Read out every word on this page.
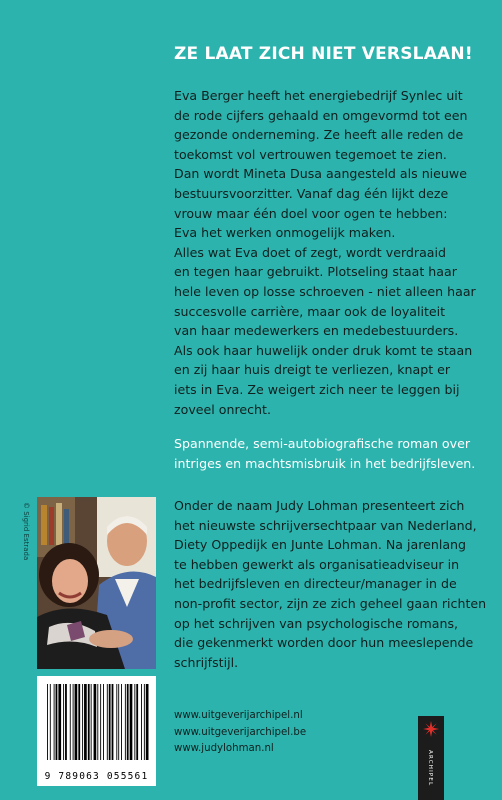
ZE LAAT ZICH NIET VERSLAAN!
Eva Berger heeft het energiebedrijf Synlec uit
de rode cijfers gehaald en omgevormd tot een
gezonde onderneming. Ze heeft alle reden de
toekomst vol vertrouwen tegemoet te zien.
Dan wordt Mineta Dusa aangesteld als nieuwe
bestuursvoorzitter. Vanaf dag één lijkt deze
vrouw maar één doel voor ogen te hebben:
Eva het werken onmogelijk maken.
Alles wat Eva doet of zegt, wordt verdraaid
en tegen haar gebruikt. Plotseling staat haar
hele leven op losse schroeven - niet alleen haar
succesvolle carrière, maar ook de loyaliteit
van haar medewerkers en medebestuurders.
Als ook haar huwelijk onder druk komt te staan
en zij haar huis dreigt te verliezen, knapt er
iets in Eva. Ze weigert zich neer te leggen bij
zoveel onrecht.
Spannende, semi-autobiografische roman over
intriges en machtsmisbruik in het bedrijfsleven.
© Sigrid Estrada
9 789063 055561
Onder de naam Judy Lohman presenteert zich
het nieuwste schrijversechtpaar van Nederland,
Diety Oppedijk en Junte Lohman. Na jarenlang
te hebben gewerkt als organisatieadviseur in
het bedrijfsleven en directeur/manager in de
non-profit sector, zijn ze zich geheel gaan richten
op het schrijven van psychologische romans,
die gekenmerkt worden door hun meeslepende
schrijfstijl.
www.uitgeverijarchipel.nl
www.uitgeverijarchipel.be
www.judylohman.nl
ARCHIPEL
